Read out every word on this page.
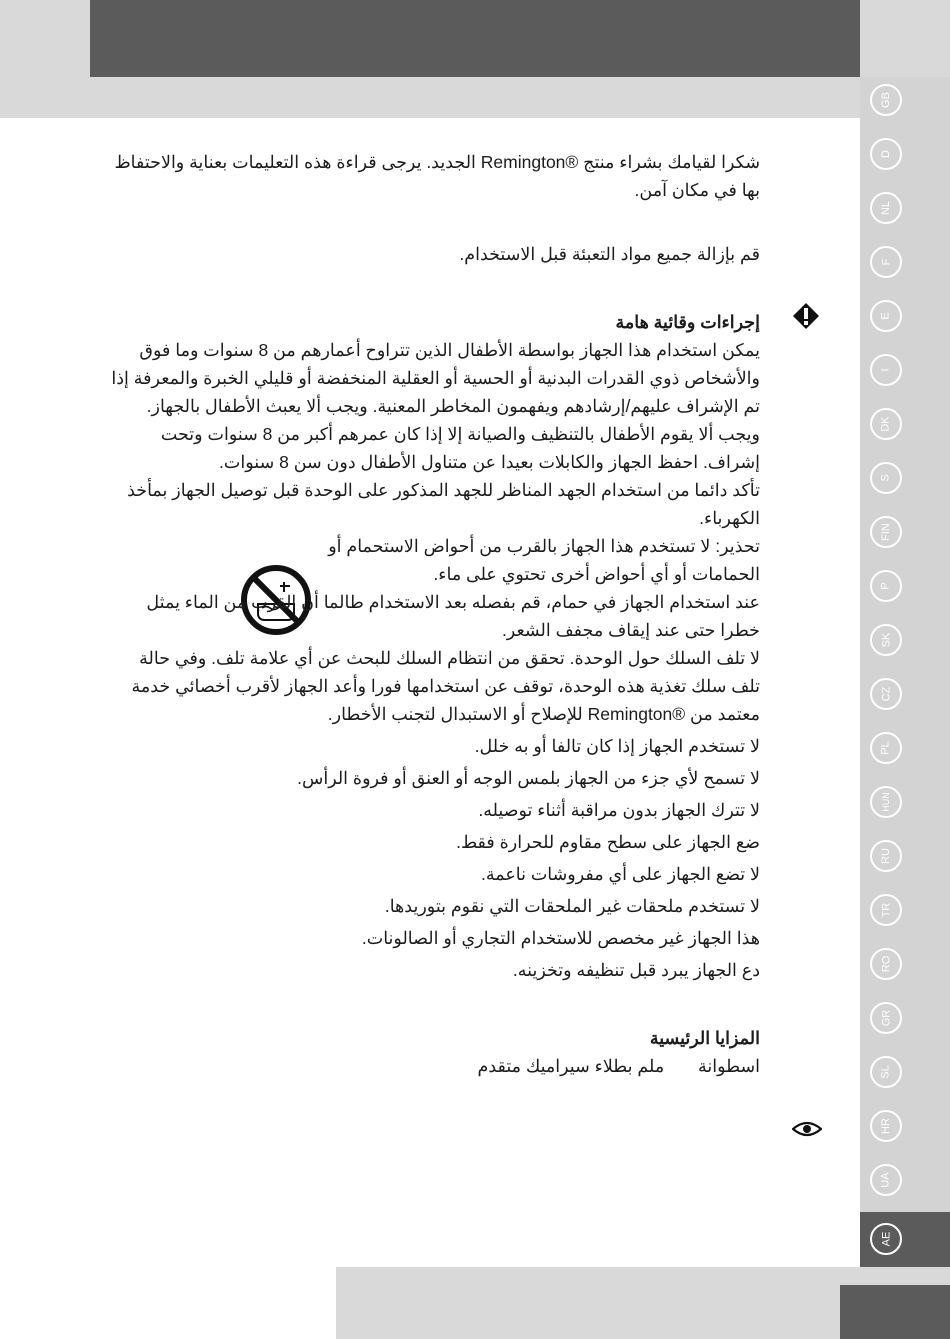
GB
D
NL
F
E
I
DK
S
FIN
P
SK
CZ
PL
HUN
RU
TR
RO
GR
SL
HR
UA
AE

شكرا لقيامك بشراء منتج ®Remington الجديد. يرجى قراءة هذه التعليمات بعناية والاحتفاظ بها في مكان آمن.

قم بإزالة جميع مواد التعبئة قبل الاستخدام.

إجراءات وقائية هامة

يمكن استخدام هذا الجهاز بواسطة الأطفال الذين تتراوح أعمارهم من 8 سنوات وما فوق والأشخاص ذوي القدرات البدنية أو الحسية أو العقلية المنخفضة أو قليلي الخبرة والمعرفة إذا تم الإشراف عليهم/إرشادهم ويفهمون المخاطر المعنية. ويجب ألا يعبث الأطفال بالجهاز. ويجب ألا يقوم الأطفال بالتنظيف والصيانة إلا إذا كان عمرهم أكبر من 8 سنوات وتحت إشراف. احفظ الجهاز والكابلات بعيدا عن متناول الأطفال دون سن 8 سنوات.

تأكد دائما من استخدام الجهد المناظر للجهد المذكور على الوحدة قبل توصيل الجهاز بمأخذ الكهرباء.

تحذير: لا تستخدم هذا الجهاز بالقرب من أحواض الاستحمام أو الحمامات أو أي أحواض أخرى تحتوي على ماء.

عند استخدام الجهاز في حمام، قم بفصله بعد الاستخدام طالما أن القرب من الماء يمثل خطرا حتى عند إيقاف مجفف الشعر.

لا تلف السلك حول الوحدة. تحقق من انتظام السلك للبحث عن أي علامة تلف. وفي حالة تلف سلك تغذية هذه الوحدة، توقف عن استخدامها فورا وأعد الجهاز لأقرب أخصائي خدمة معتمد من ®Remington للإصلاح أو الاستبدال لتجنب الأخطار.

لا تستخدم الجهاز إذا كان تالفا أو به خلل.

لا تسمح لأي جزء من الجهاز بلمس الوجه أو العنق أو فروة الرأس.

لا تترك الجهاز بدون مراقبة أثناء توصيله.

ضع الجهاز على سطح مقاوم للحرارة فقط.

لا تضع الجهاز على أي مفروشات ناعمة.

لا تستخدم ملحقات غير الملحقات التي نقوم بتوريدها.

هذا الجهاز غير مخصص للاستخدام التجاري أو الصالونات.

دع الجهاز يبرد قبل تنظيفه وتخزينه.

المزايا الرئيسية

اسطوانة  ملم بطلاء سيراميك متقدم
